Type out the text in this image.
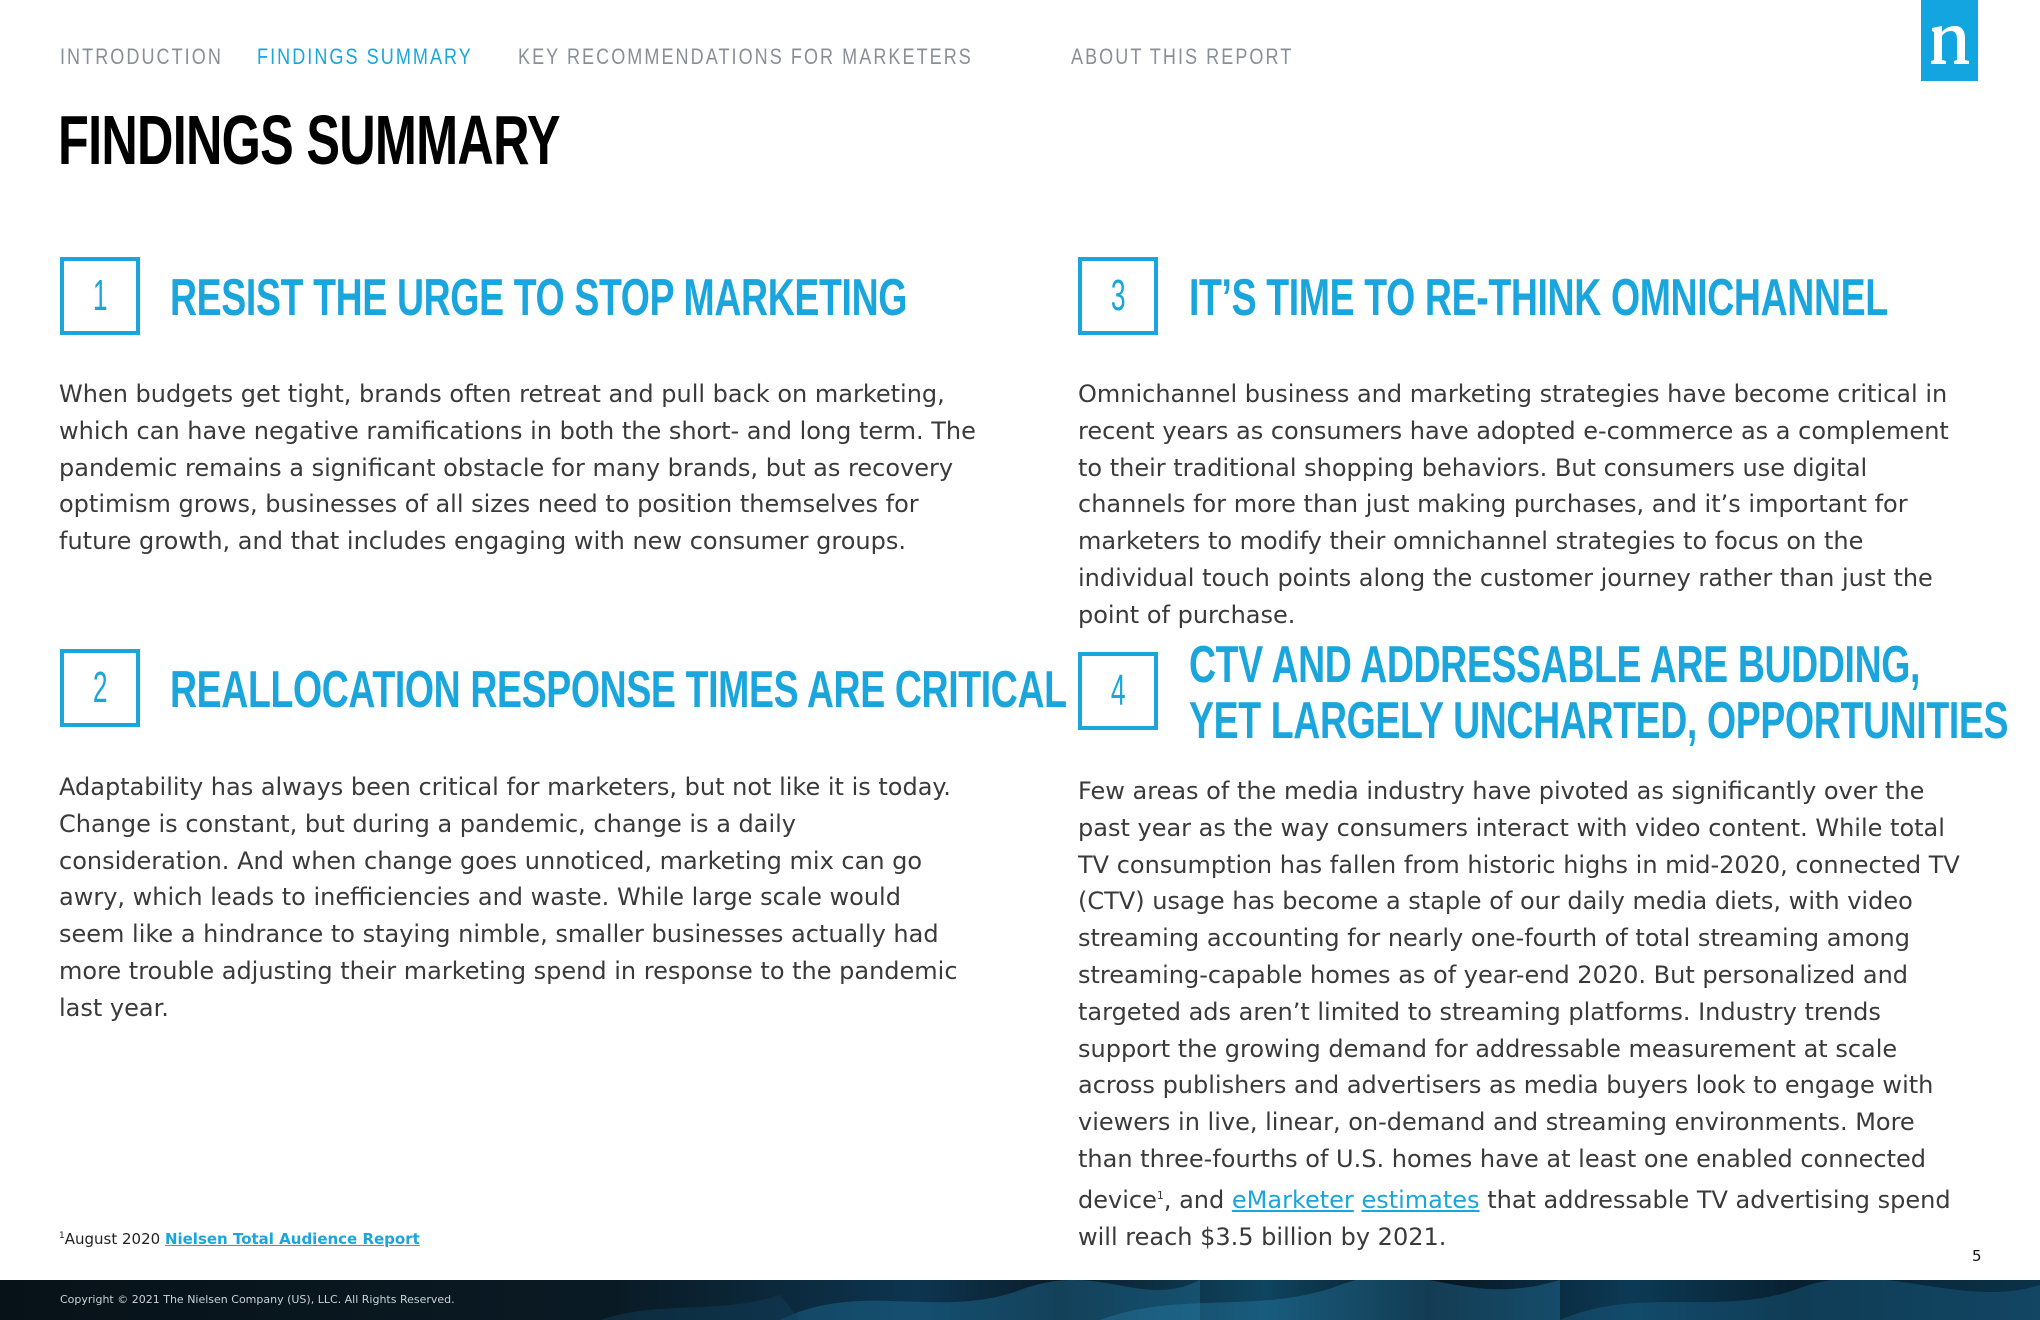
INTRODUCTION FINDINGS SUMMARY KEY RECOMMENDATIONS FOR MARKETERS	ABOUT THIS REPORT
FINDINGS SUMMARY
1 RESIST THE URGE TO STOP MARKETING

When budgets get tight, brands often retreat and pull back on marketing, which can have negative ramifications in both the short- and long term. The pandemic remains a significant obstacle for many brands, but as recovery optimism grows, businesses of all sizes need to position themselves for future growth, and that includes engaging with new consumer groups.

2 REALLOCATION RESPONSE TIMES ARE CRITICAL

Adaptability has always been critical for marketers, but not like it is today. Change is constant, but during a pandemic, change is a daily consideration. And when change goes unnoticed, marketing mix can go awry, which leads to inefficiencies and waste. While large scale would seem like a hindrance to staying nimble, smaller businesses actually had more trouble adjusting their marketing spend in response to the pandemic last year.

3 IT’S TIME TO RE-THINK OMNICHANNEL

Omnichannel business and marketing strategies have become critical in recent years as consumers have adopted e-commerce as a complement to their traditional shopping behaviors. But consumers use digital channels for more than just making purchases, and it’s important for marketers to modify their omnichannel strategies to focus on the individual touch points along the customer journey rather than just the point of purchase.

4 CTV AND ADDRESSABLE ARE BUDDING,
YET LARGELY UNCHARTED, OPPORTUNITIES

Few areas of the media industry have pivoted as significantly over the past year as the way consumers interact with video content. While total TV consumption has fallen from historic highs in mid-2020, connected TV (CTV) usage has become a staple of our daily media diets, with video streaming accounting for nearly one-fourth of total streaming among streaming-capable homes as of year-end 2020. But personalized and targeted ads aren’t limited to streaming platforms. Industry trends support the growing demand for addressable measurement at scale across publishers and advertisers as media buyers look to engage with viewers in live, linear, on-demand and streaming environments. More than three-fourths of U.S. homes have at least one enabled connected device$^1$, and eMarketer estimates that addressable TV advertising spend will reach $3.5 billion by 2021.

$^1$August 2020 Nielsen Total Audience Report
5
Copyright © 2021 The Nielsen Company (US), LLC. All Rights Reserved.
